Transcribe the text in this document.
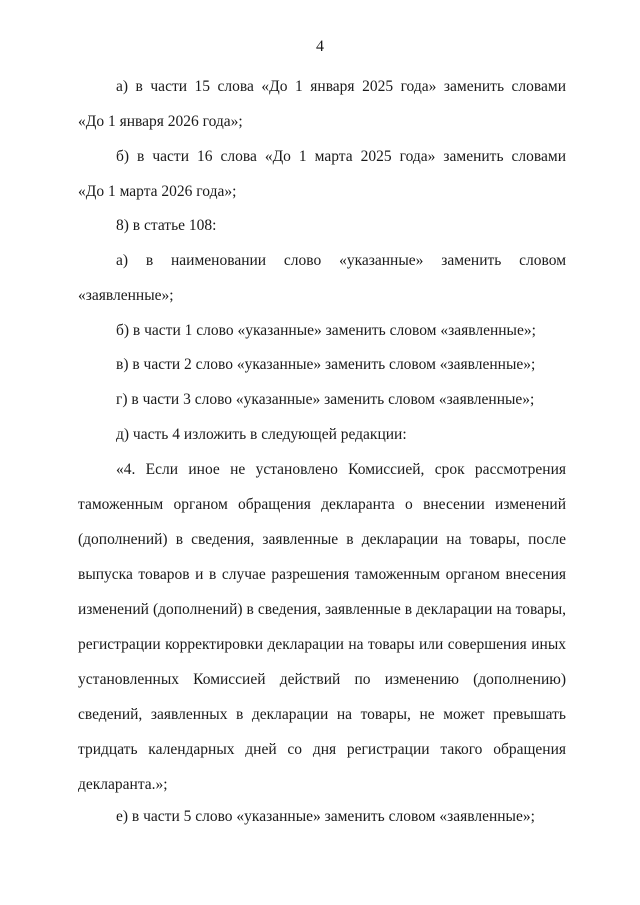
4
а) в части 15 слова «До 1 января 2025 года» заменить словами
«До 1 января 2026 года»;
б) в части 16 слова «До 1 марта 2025 года» заменить словами
«До 1 марта 2026 года»;
8) в статье 108:
а) в наименовании слово «указанные» заменить словом
«заявленные»;
б) в части 1 слово «указанные» заменить словом «заявленные»;
в) в части 2 слово «указанные» заменить словом «заявленные»;
г) в части 3 слово «указанные» заменить словом «заявленные»;
д) часть 4 изложить в следующей редакции:
«4. Если иное не установлено Комиссией, срок рассмотрения
таможенным органом обращения декларанта о внесении изменений
(дополнений) в сведения, заявленные в декларации на товары, после
выпуска товаров и в случае разрешения таможенным органом внесения
изменений (дополнений) в сведения, заявленные в декларации на товары,
регистрации корректировки декларации на товары или совершения иных
установленных Комиссией действий по изменению (дополнению)
сведений, заявленных в декларации на товары, не может превышать
тридцать календарных дней со дня регистрации такого обращения
декларанта.»;
е) в части 5 слово «указанные» заменить словом «заявленные»;
